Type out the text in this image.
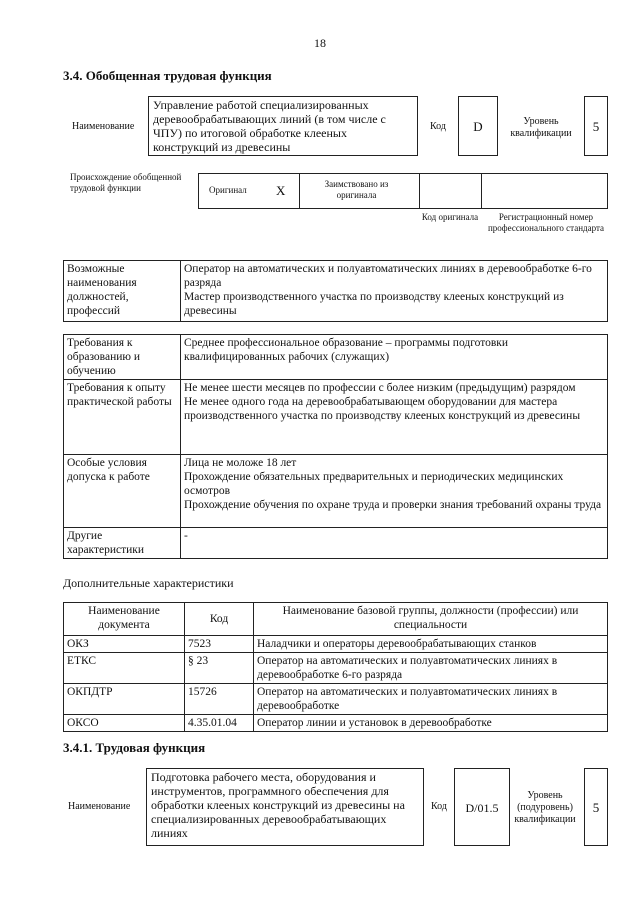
18
3.4. Обобщенная трудовая функция
Наименование
Управление работой специализированных деревообрабатывающих линий (в том числе с ЧПУ) по итоговой обработке клееных конструкций из древесины
Код	D	Уровень квалификации	5
Происхождение обобщенной трудовой функции	Оригинал X	Заимствовано из оригинала
Код оригинала	Регистрационный номер профессионального стандарта
Возможные наименования должностей, профессий	Оператор на автоматических и полуавтоматических линиях в деревообработке 6-го разряда
Мастер производственного участка по производству клееных конструкций из древесины
Требования к образованию и обучению	Среднее профессиональное образование – программы подготовки квалифицированных рабочих (служащих)
Требования к опыту практической работы	Не менее шести месяцев по профессии с более низким (предыдущим) разрядом
Не менее одного года на деревообрабатывающем оборудовании для мастера производственного участка по производству клееных конструкций из древесины
Особые условия допуска к работе	Лица не моложе 18 лет
Прохождение обязательных предварительных и периодических медицинских осмотров
Прохождение обучения по охране труда и проверки знания требований охраны труда
Другие характеристики	-
Дополнительные характеристики
Наименование документа	Код	Наименование базовой группы, должности (профессии) или специальности
ОКЗ	7523	Наладчики и операторы деревообрабатывающих станков
ЕТКС	§ 23	Оператор на автоматических и полуавтоматических линиях в деревообработке 6-го разряда
ОКПДТР	15726	Оператор на автоматических и полуавтоматических линиях в деревообработке
ОКСО	4.35.01.04	Оператор линии и установок в деревообработке
3.4.1. Трудовая функция
Наименование
Подготовка рабочего места, оборудования и инструментов, программного обеспечения для обработки клееных конструкций из древесины на специализированных деревообрабатывающих линиях
Код	D/01.5
Уровень (подуровень) квалификации
5
